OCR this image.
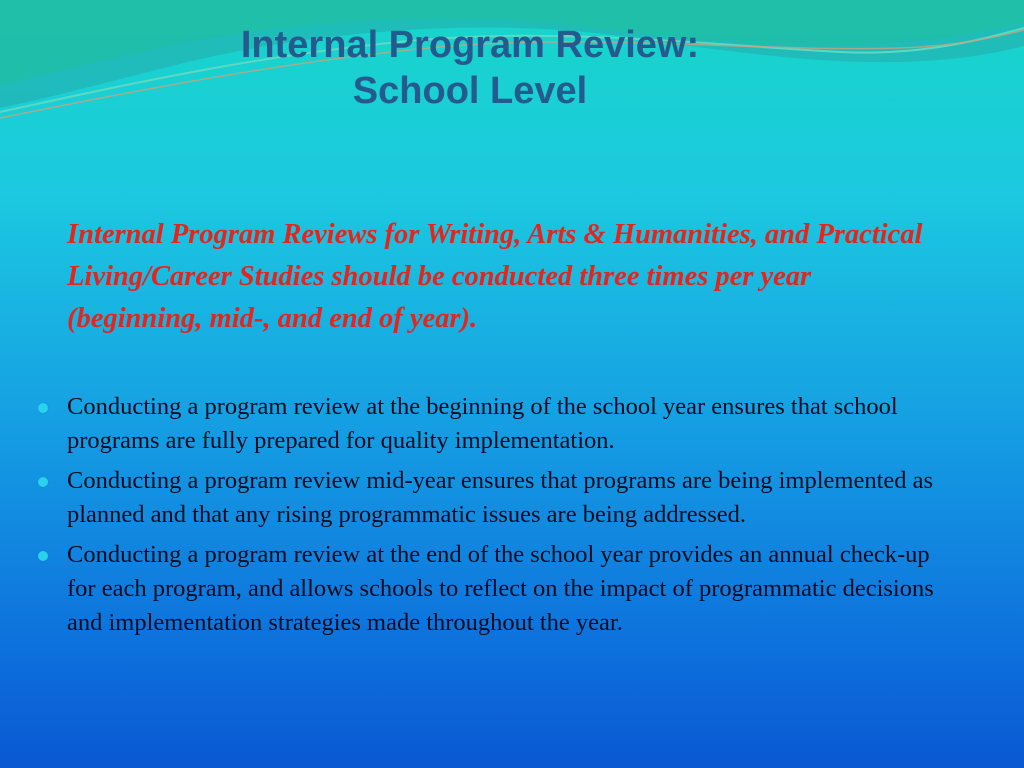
Internal Program Review:
School Level
Internal Program Reviews for Writing, Arts & Humanities, and Practical Living/Career Studies should be conducted three times per year (beginning, mid-, and end of year).
Conducting a program review at the beginning of the school year ensures that school programs are fully prepared for quality implementation.
Conducting a program review mid-year ensures that programs are being implemented as planned and that any rising programmatic issues are being addressed.
Conducting a program review at the end of the school year provides an annual check-up for each program, and allows schools to reflect on the impact of programmatic decisions and implementation strategies made throughout the year.
